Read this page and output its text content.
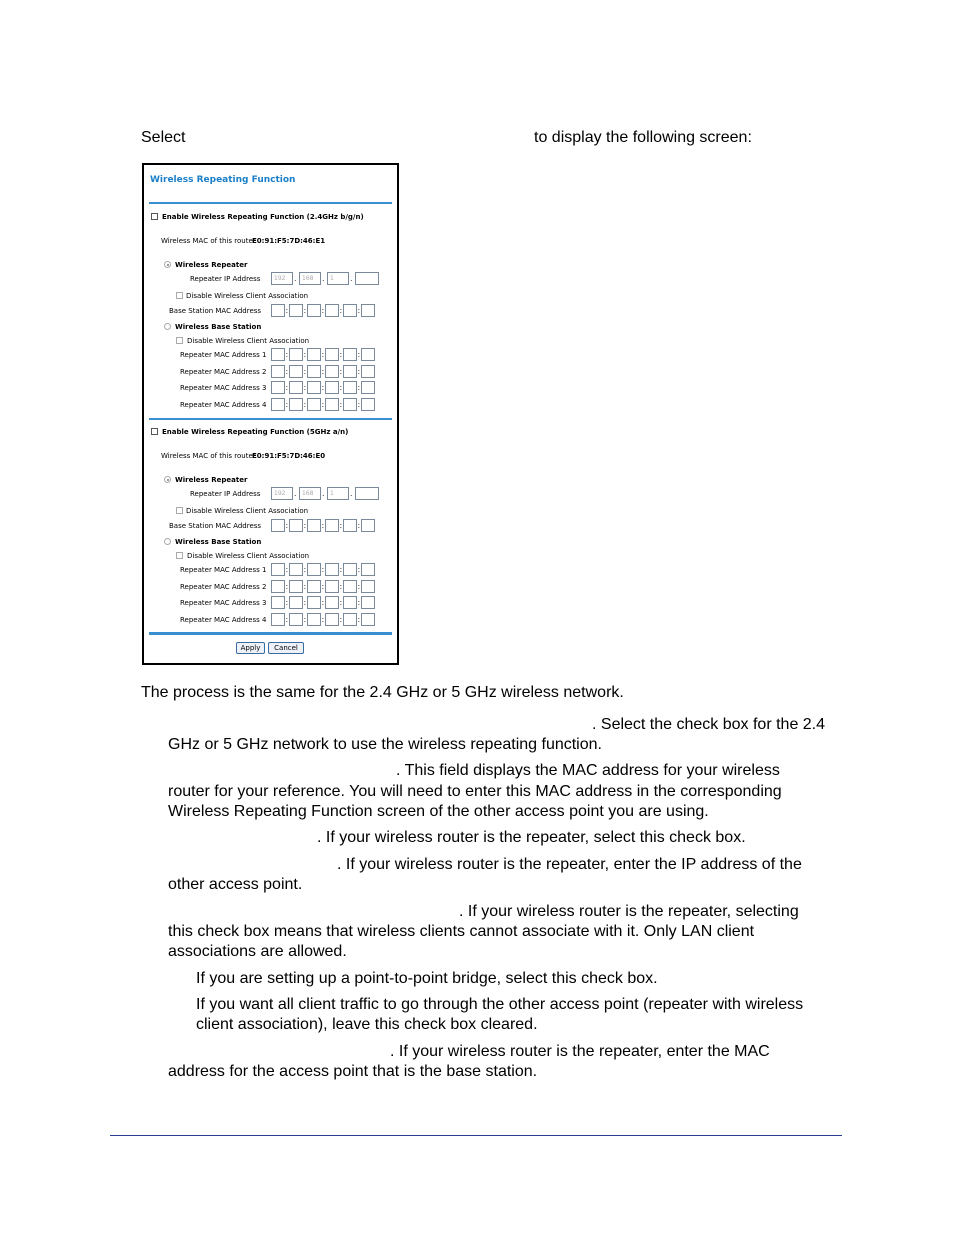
Select	to display the following screen:
Wireless Repeating Function
Enable Wireless Repeating Function (2.4GHz b/g/n)
Wireless MAC of this router
E0:91:F5:7D:46:E1
Wireless Repeater
Repeater IP Address	192	. 168	. 1	.
Disable Wireless Client Association
Base Station MAC Address	: : : : :
Wireless Base Station
Disable Wireless Client Association
Repeater MAC Address 1 : : : : :
Repeater MAC Address 2 : : : : :
Repeater MAC Address 3 : : : : :
Repeater MAC Address 4 : : : : :
Enable Wireless Repeating Function (5GHz a/n)
Wireless MAC of this router
E0:91:F5:7D:46:E0
Wireless Repeater
Repeater IP Address	192	. 168	. 1	.
Disable Wireless Client Association
Base Station MAC Address	: : : : :
Wireless Base Station
Disable Wireless Client Association
Repeater MAC Address 1 : : : : :
Repeater MAC Address 2 : : : : :
Repeater MAC Address 3 : : : : :
Repeater MAC Address 4 : : : : :
Apply	Cancel
The process is the same for the 2.4 GHz or 5 GHz wireless network.
. Select the check box for the 2.4
GHz or 5 GHz network to use the wireless repeating function.
. This field displays the MAC address for your wireless
router for your reference. You will need to enter this MAC address in the corresponding
Wireless Repeating Function screen of the other access point you are using.
. If your wireless router is the repeater, select this check box.
. If your wireless router is the repeater, enter the IP address of the
other access point.
. If your wireless router is the repeater, selecting
this check box means that wireless clients cannot associate with it. Only LAN client
associations are allowed.
If you are setting up a point-to-point bridge, select this check box.
If you want all client traffic to go through the other access point (repeater with wireless
client association), leave this check box cleared.
. If your wireless router is the repeater, enter the MAC
address for the access point that is the base station.
